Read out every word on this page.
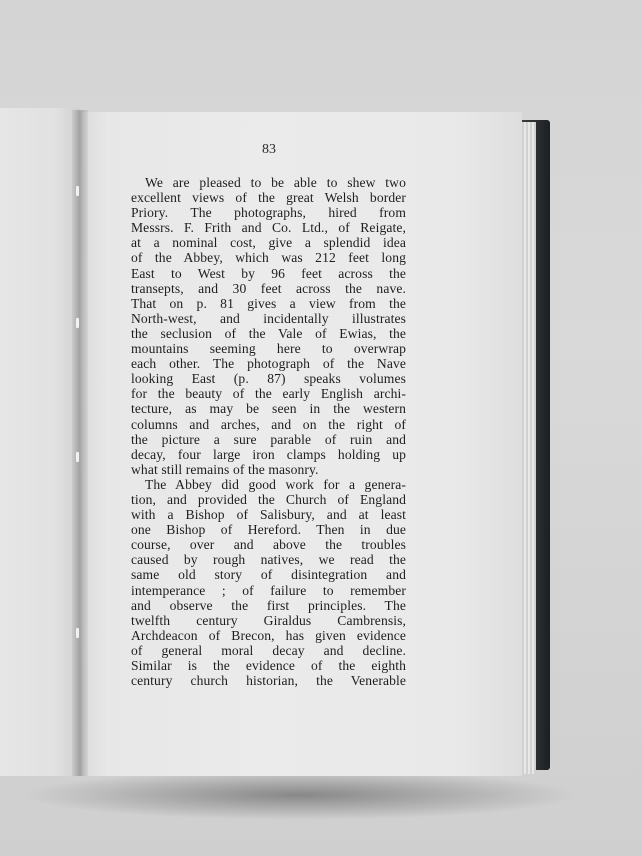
83
We are pleased to be able to shew two
excellent views of the great Welsh border
Priory. The photographs, hired from
Messrs. F. Frith and Co. Ltd., of Reigate,
at a nominal cost, give a splendid idea
of the Abbey, which was 212 feet long
East to West by 96 feet across the
transepts, and 30 feet across the nave.
That on p. 81 gives a view from the
North-west, and incidentally illustrates
the seclusion of the Vale of Ewias, the
mountains seeming here to overwrap
each other. The photograph of the Nave
looking East (p. 87) speaks volumes
for the beauty of the early English archi-
tecture, as may be seen in the western
columns and arches, and on the right of
the picture a sure parable of ruin and
decay, four large iron clamps holding up
what still remains of the masonry.
The Abbey did good work for a genera-
tion, and provided the Church of England
with a Bishop of Salisbury, and at least
one Bishop of Hereford. Then in due
course, over and above the troubles
caused by rough natives, we read the
same old story of disintegration and
intemperance ; of failure to remember
and observe the first principles. The
twelfth century Giraldus Cambrensis,
Archdeacon of Brecon, has given evidence
of general moral decay and decline.
Similar is the evidence of the eighth
century church historian, the Venerable
